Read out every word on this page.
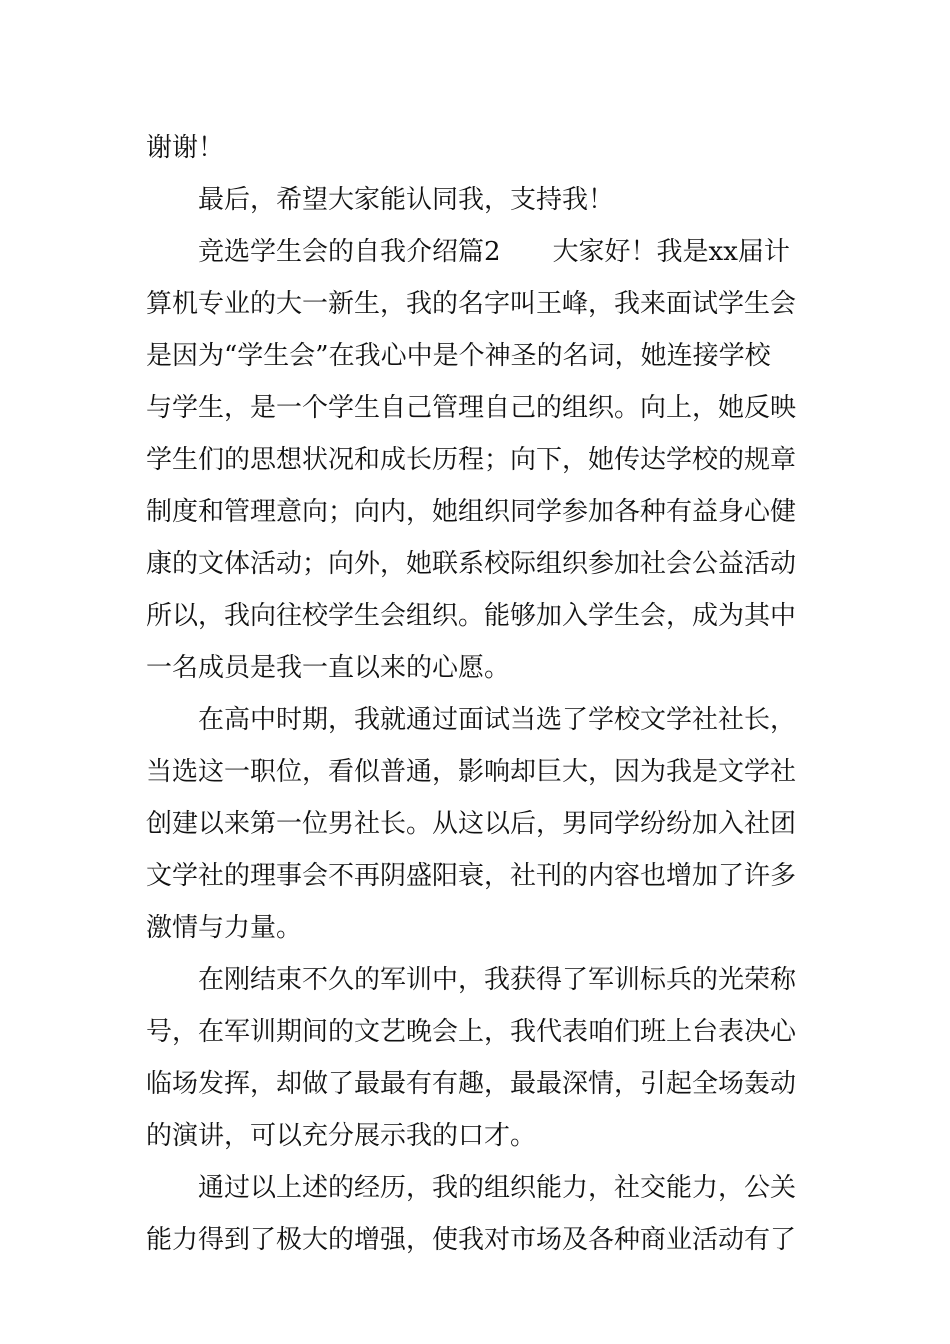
谢谢！
　　最后，希望大家能认同我，支持我！
　　竞选学生会的自我介绍篇2　　大家好！我是xx届计
算机专业的大一新生，我的名字叫王峰，我来面试学生会
是因为“学生会”在我心中是个神圣的名词，她连接学校
与学生，是一个学生自己管理自己的组织。向上，她反映
学生们的思想状况和成长历程；向下，她传达学校的规章
制度和管理意向；向内，她组织同学参加各种有益身心健
康的文体活动；向外，她联系校际组织参加社会公益活动
所以，我向往校学生会组织。能够加入学生会，成为其中
一名成员是我一直以来的心愿。
　　在高中时期，我就通过面试当选了学校文学社社长，
当选这一职位，看似普通，影响却巨大，因为我是文学社
创建以来第一位男社长。从这以后，男同学纷纷加入社团
文学社的理事会不再阴盛阳衰，社刊的内容也增加了许多
激情与力量。
　　在刚结束不久的军训中，我获得了军训标兵的光荣称
号，在军训期间的文艺晚会上，我代表咱们班上台表决心
临场发挥，却做了最最有有趣，最最深情，引起全场轰动
的演讲，可以充分展示我的口才。
　　通过以上述的经历，我的组织能力，社交能力，公关
能力得到了极大的增强，使我对市场及各种商业活动有了
